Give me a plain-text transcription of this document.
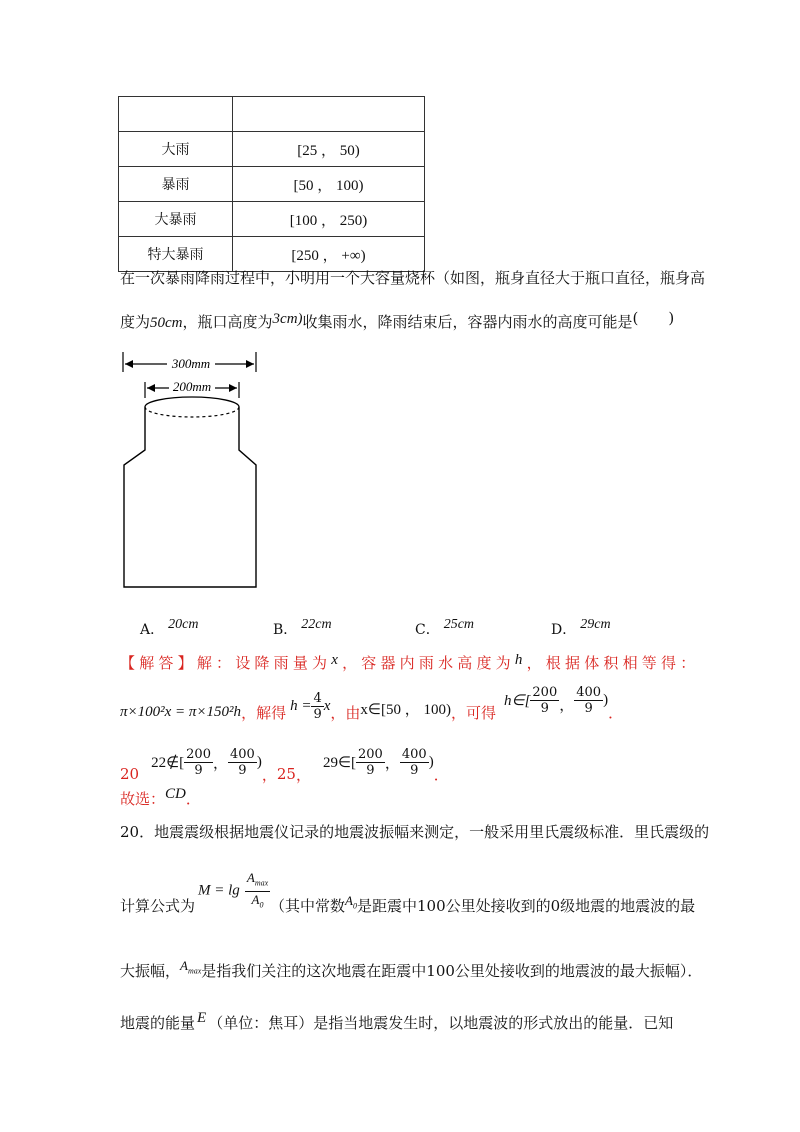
大雨	[25 ， 50)
暴雨	[50 ， 100)
大暴雨	[100 ， 250)
特大暴雨	[250 ， +∞)
在一次暴雨降雨过程中，小明用一个大容量烧杯（如图，瓶身直径大于瓶口直径，瓶身高
度为50cm，瓶口高度为3cm)收集雨水，降雨结束后，容器内雨水的高度可能是(　　)
300mm
200mm
A． 20cm	B． 22cm	C． 25cm	D． 29cm
【解答】解：设降雨量为x，容器内雨水高度为h，根据体积相等得：
π×100²x = π×150²h ，解得 $h = \frac{4}{9}$ x ，由 x∈[50 ， 100) ，可得
h∈[ $\frac{200}{9}$ ， $\frac{400}{9}$ )
．
20
22∉[ $\frac{200}{9}$ ， $\frac{400}{9}$ )
， 25 ，
29∈[ $\frac{200}{9}$ ， $\frac{400}{9}$ )
．
故选：CD．
20．地震震级根据地震仪记录的地震波振幅来测定，一般采用里氏震级标准．里氏震级的
$M = \lg \frac{A_{max}}{A_0}$
计算公式为	（其中常数$A_0$是距震中100公里处接收到的0级地震的地震波的最
大振幅，$A_{max}$是指我们关注的这次地震在距震中100公里处接收到的地震波的最大振幅）．
地震的能量 E （单位：焦耳）是指当地震发生时，以地震波的形式放出的能量．已知
